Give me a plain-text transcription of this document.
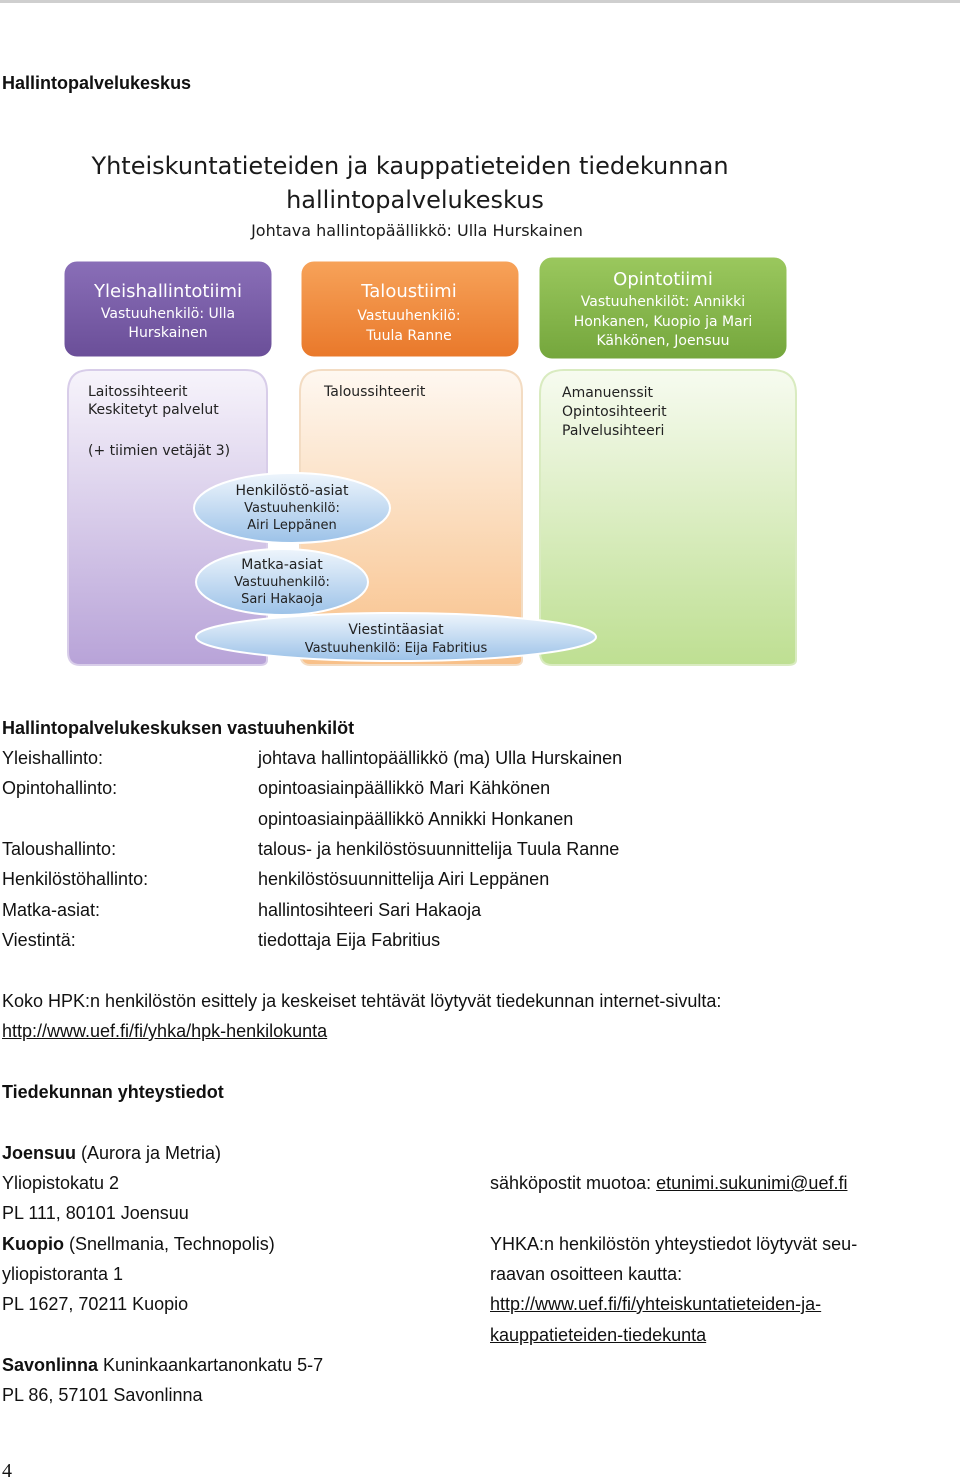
Hallintopalvelukeskus
Yhteiskuntatieteiden ja kauppatieteiden tiedekunnan
hallintopalvelukeskus
Johtava hallintopäällikkö: Ulla Hurskainen
Yleishallintotiimi
Vastuuhenkilö: Ulla
Hurskainen
Taloustiimi
Vastuuhenkilö:
Tuula Ranne
Opintotiimi
Vastuuhenkilöt: Annikki
Honkanen, Kuopio ja Mari
Kähkönen, Joensuu
Laitossihteerit
Keskitetyt palvelut
(+ tiimien vetäjät 3)
Taloussihteerit	Amanuenssit
Opintosihteerit
Palvelusihteeri
Henkilöstö-asiat
Vastuuhenkilö:
Airi Leppänen
Matka-asiat
Vastuuhenkilö:
Sari Hakaoja
Viestintäasiat
Vastuuhenkilö: Eija Fabritius
Hallintopalvelukeskuksen vastuuhenkilöt
Yleishallinto:	johtava hallintopäällikkö (ma) Ulla Hurskainen
Opintohallinto:	opintoasiainpäällikkö Mari Kähkönen
opintoasiainpäällikkö Annikki Honkanen
Taloushallinto:	talous- ja henkilöstösuunnittelija Tuula Ranne
Henkilöstöhallinto:	henkilöstösuunnittelija Airi Leppänen
Matka-asiat:	hallintosihteeri Sari Hakaoja
Viestintä:	tiedottaja Eija Fabritius
Koko HPK:n henkilöstön esittely ja keskeiset tehtävät löytyvät tiedekunnan internet-sivulta:
http://www.uef.fi/fi/yhka/hpk-henkilokunta
Tiedekunnan yhteystiedot
Joensuu (Aurora ja Metria)
Yliopistokatu 2
PL 111, 80101 Joensuu
Kuopio (Snellmania, Technopolis)
yliopistoranta 1
PL 1627, 70211 Kuopio
Savonlinna Kuninkaankartanonkatu 5-7
PL 86, 57101 Savonlinna
sähköpostit muotoa: etunimi.sukunimi@uef.fi
YHKA:n henkilöstön yhteystiedot löytyvät seu-
raavan osoitteen kautta:
http://www.uef.fi/fi/yhteiskuntatieteiden-ja-
kauppatieteiden-tiedekunta
4
